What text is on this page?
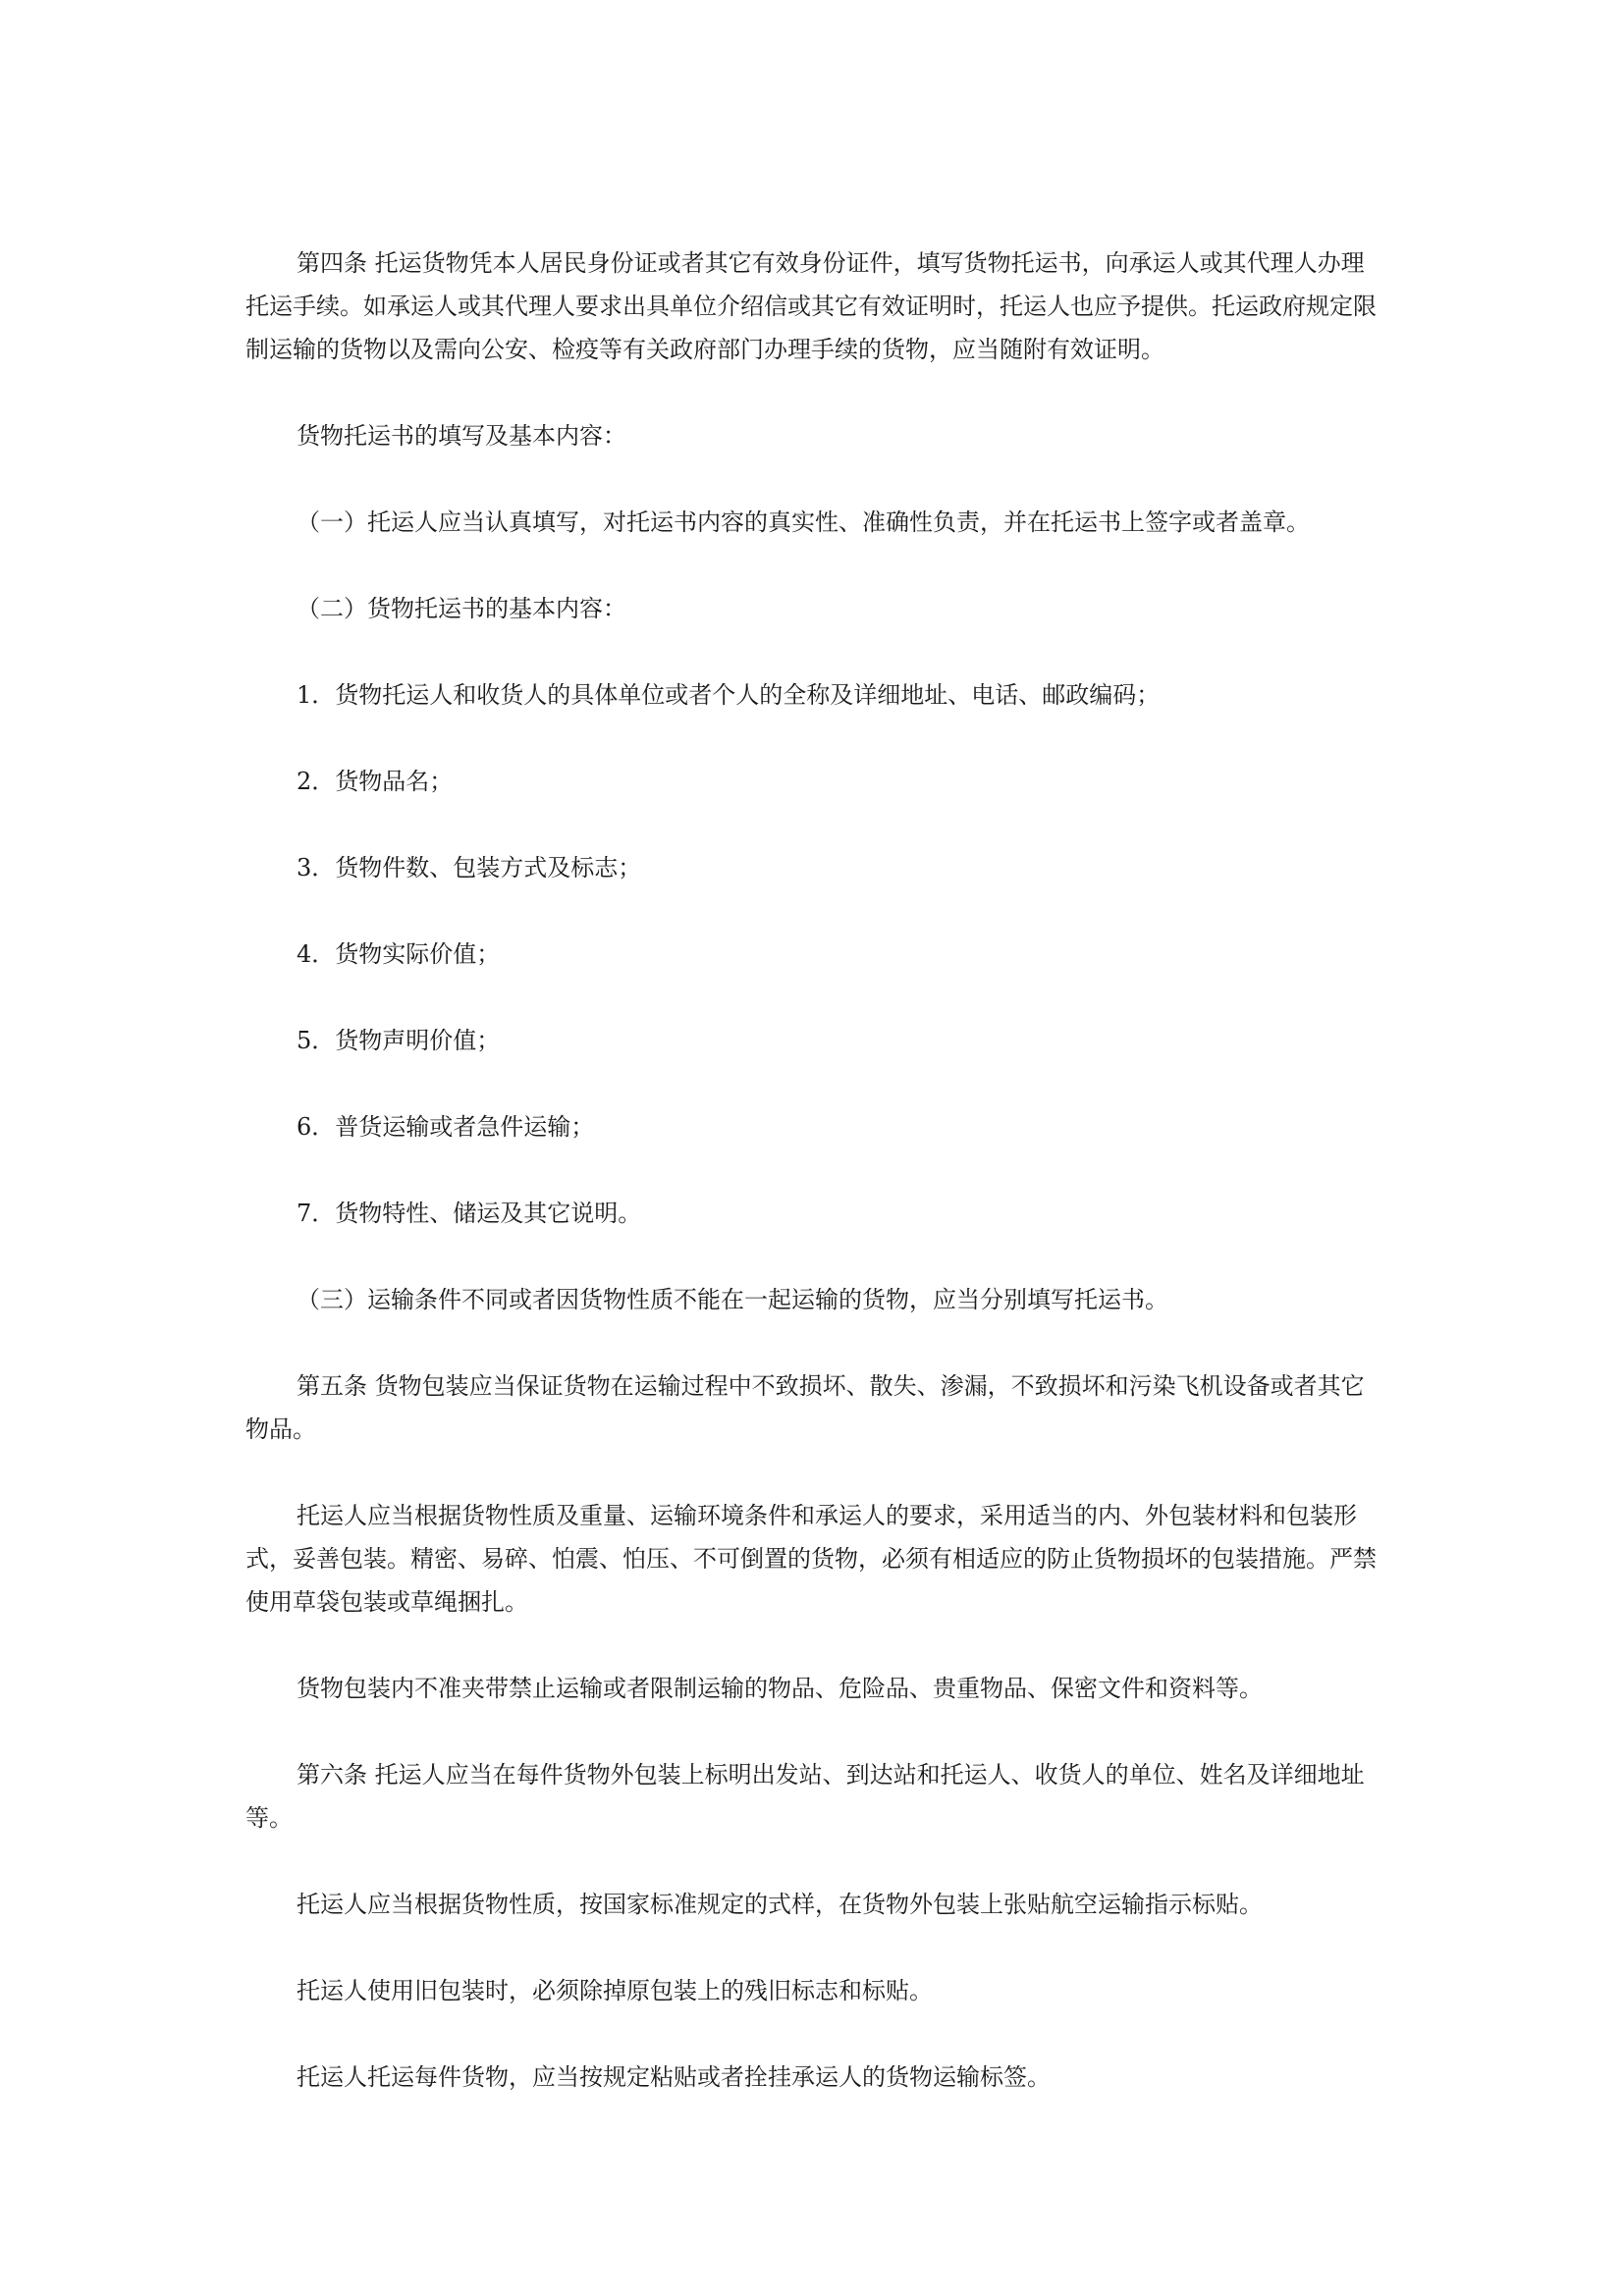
第四条 托运货物凭本人居民身份证或者其它有效身份证件，填写货物托运书，向承运人或其代理人办理托运手续。如承运人或其代理人要求出具单位介绍信或其它有效证明时，托运人也应予提供。托运政府规定限制运输的货物以及需向公安、检疫等有关政府部门办理手续的货物，应当随附有效证明。

货物托运书的填写及基本内容：

（一）托运人应当认真填写，对托运书内容的真实性、准确性负责，并在托运书上签字或者盖章。

（二）货物托运书的基本内容：

1．货物托运人和收货人的具体单位或者个人的全称及详细地址、电话、邮政编码；

2．货物品名；

3．货物件数、包装方式及标志；

4．货物实际价值；

5．货物声明价值；

6．普货运输或者急件运输；

7．货物特性、储运及其它说明。

（三）运输条件不同或者因货物性质不能在一起运输的货物，应当分别填写托运书。

第五条 货物包装应当保证货物在运输过程中不致损坏、散失、渗漏，不致损坏和污染飞机设备或者其它物品。

托运人应当根据货物性质及重量、运输环境条件和承运人的要求，采用适当的内、外包装材料和包装形式，妥善包装。精密、易碎、怕震、怕压、不可倒置的货物，必须有相适应的防止货物损坏的包装措施。严禁使用草袋包装或草绳捆扎。

货物包装内不准夹带禁止运输或者限制运输的物品、危险品、贵重物品、保密文件和资料等。

第六条 托运人应当在每件货物外包装上标明出发站、到达站和托运人、收货人的单位、姓名及详细地址等。

托运人应当根据货物性质，按国家标准规定的式样，在货物外包装上张贴航空运输指示标贴。

托运人使用旧包装时，必须除掉原包装上的残旧标志和标贴。

托运人托运每件货物，应当按规定粘贴或者拴挂承运人的货物运输标签。
